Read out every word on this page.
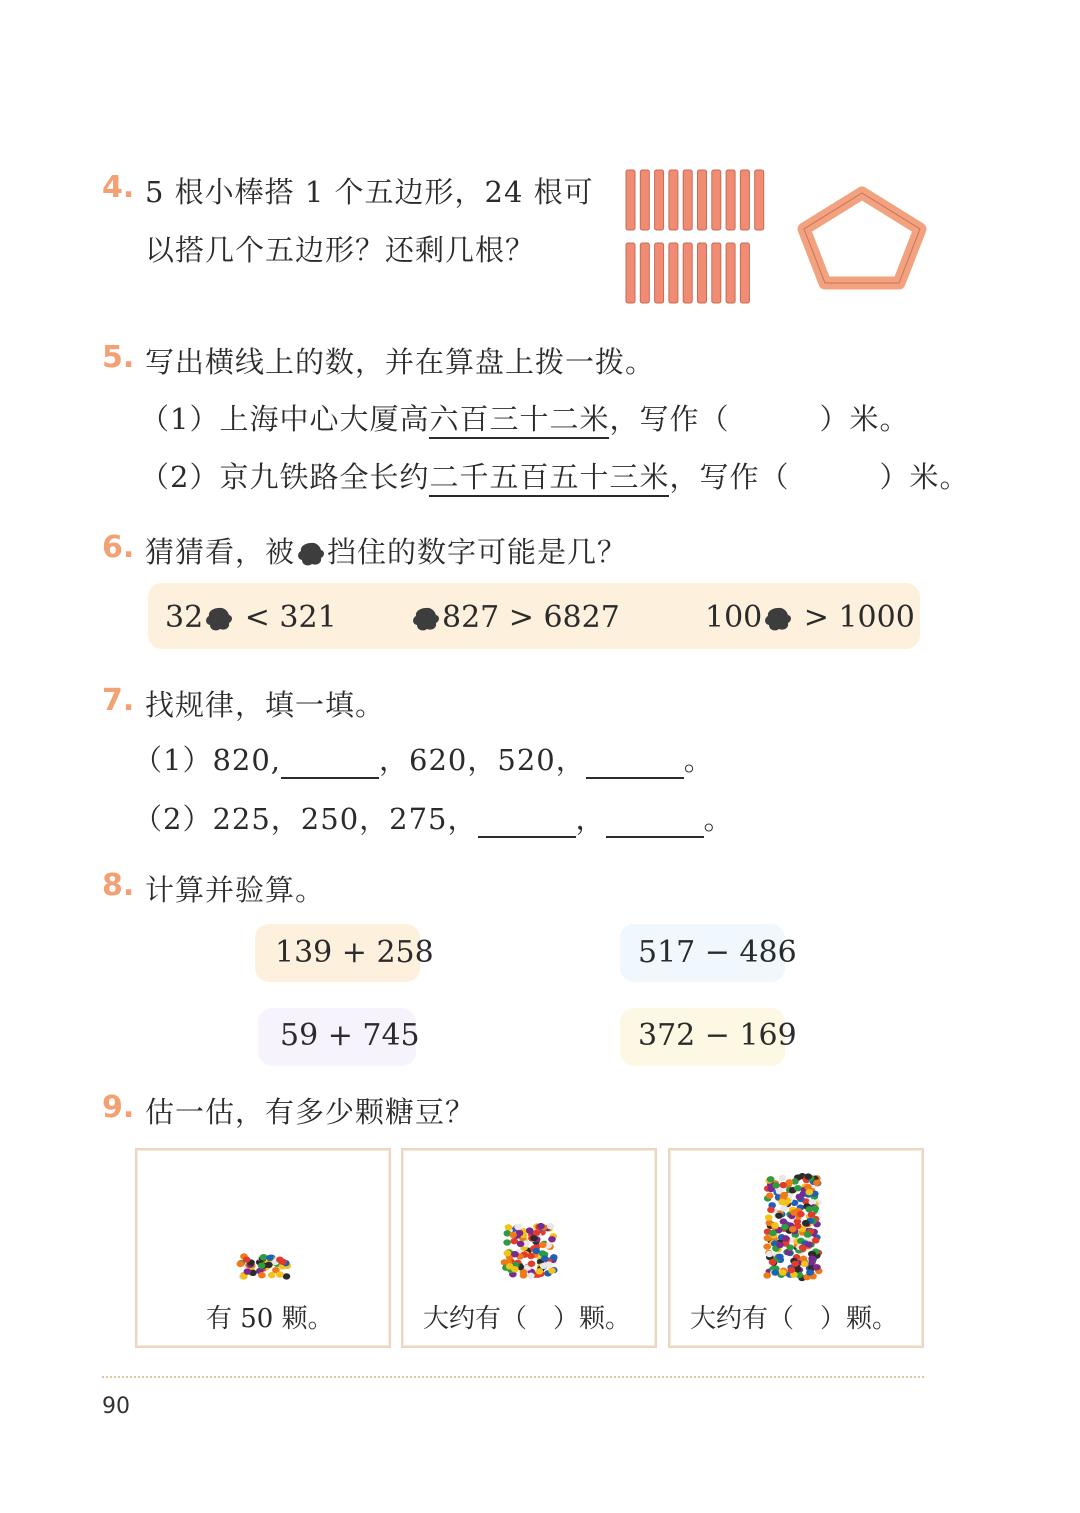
4. 5 根小棒搭 1 个五边形，24 根可
以搭几个五边形？还剩几根？
5. 写出横线上的数，并在算盘上拨一拨。
（1）上海中心大厦高六百三十二米，写作（　　　）米。
（2）京九铁路全长约二千五百五十三米，写作（　　　）米。
6. 猜猜看，被 挡住的数字可能是几？
32 < 321	827 > 6827	100 > 1000
7. 找规律，填一填。
（1）820,	，620，520，	。
（2）225，250，275，	，	。
8. 计算并验算。
139 + 258	517 − 486
59 + 745	372 − 169
9. 估一估，有多少颗糖豆？
有 50 颗。	大约有（　）颗。 大约有（　）颗。
90
